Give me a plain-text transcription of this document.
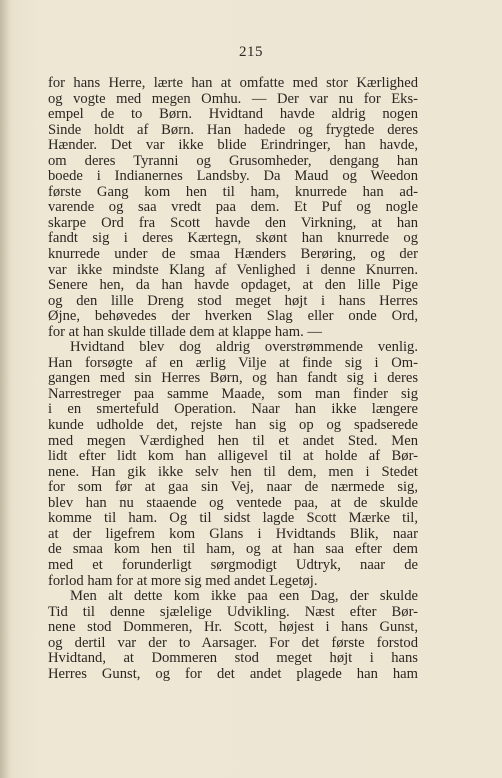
215
for hans Herre, lærte han at omfatte med stor Kærlighed
og vogte med megen Omhu. — Der var nu for Eks-
empel de to Børn. Hvidtand havde aldrig nogen
Sinde holdt af Børn. Han hadede og frygtede deres
Hænder. Det var ikke blide Erindringer, han havde,
om deres Tyranni og Grusomheder, dengang han
boede i Indianernes Landsby. Da Maud og Weedon
første Gang kom hen til ham, knurrede han ad-
varende og saa vredt paa dem. Et Puf og nogle
skarpe Ord fra Scott havde den Virkning, at han
fandt sig i deres Kærtegn, skønt han knurrede og
knurrede under de smaa Hænders Berøring, og der
var ikke mindste Klang af Venlighed i denne Knurren.
Senere hen, da han havde opdaget, at den lille Pige
og den lille Dreng stod meget højt i hans Herres
Øjne, behøvedes der hverken Slag eller onde Ord,
for at han skulde tillade dem at klappe ham. —
Hvidtand blev dog aldrig overstrømmende venlig.
Han forsøgte af en ærlig Vilje at finde sig i Om-
gangen med sin Herres Børn, og han fandt sig i deres
Narrestreger paa samme Maade, som man finder sig
i en smertefuld Operation. Naar han ikke længere
kunde udholde det, rejste han sig op og spadserede
med megen Værdighed hen til et andet Sted. Men
lidt efter lidt kom han alligevel til at holde af Bør-
nene. Han gik ikke selv hen til dem, men i Stedet
for som før at gaa sin Vej, naar de nærmede sig,
blev han nu staaende og ventede paa, at de skulde
komme til ham. Og til sidst lagde Scott Mærke til,
at der ligefrem kom Glans i Hvidtands Blik, naar
de smaa kom hen til ham, og at han saa efter dem
med et forunderligt sørgmodigt Udtryk, naar de
forlod ham for at more sig med andet Legetøj.
Men alt dette kom ikke paa een Dag, der skulde
Tid til denne sjælelige Udvikling. Næst efter Bør-
nene stod Dommeren, Hr. Scott, højest i hans Gunst,
og dertil var der to Aarsager. For det første forstod
Hvidtand, at Dommeren stod meget højt i hans
Herres Gunst, og for det andet plagede han ham
